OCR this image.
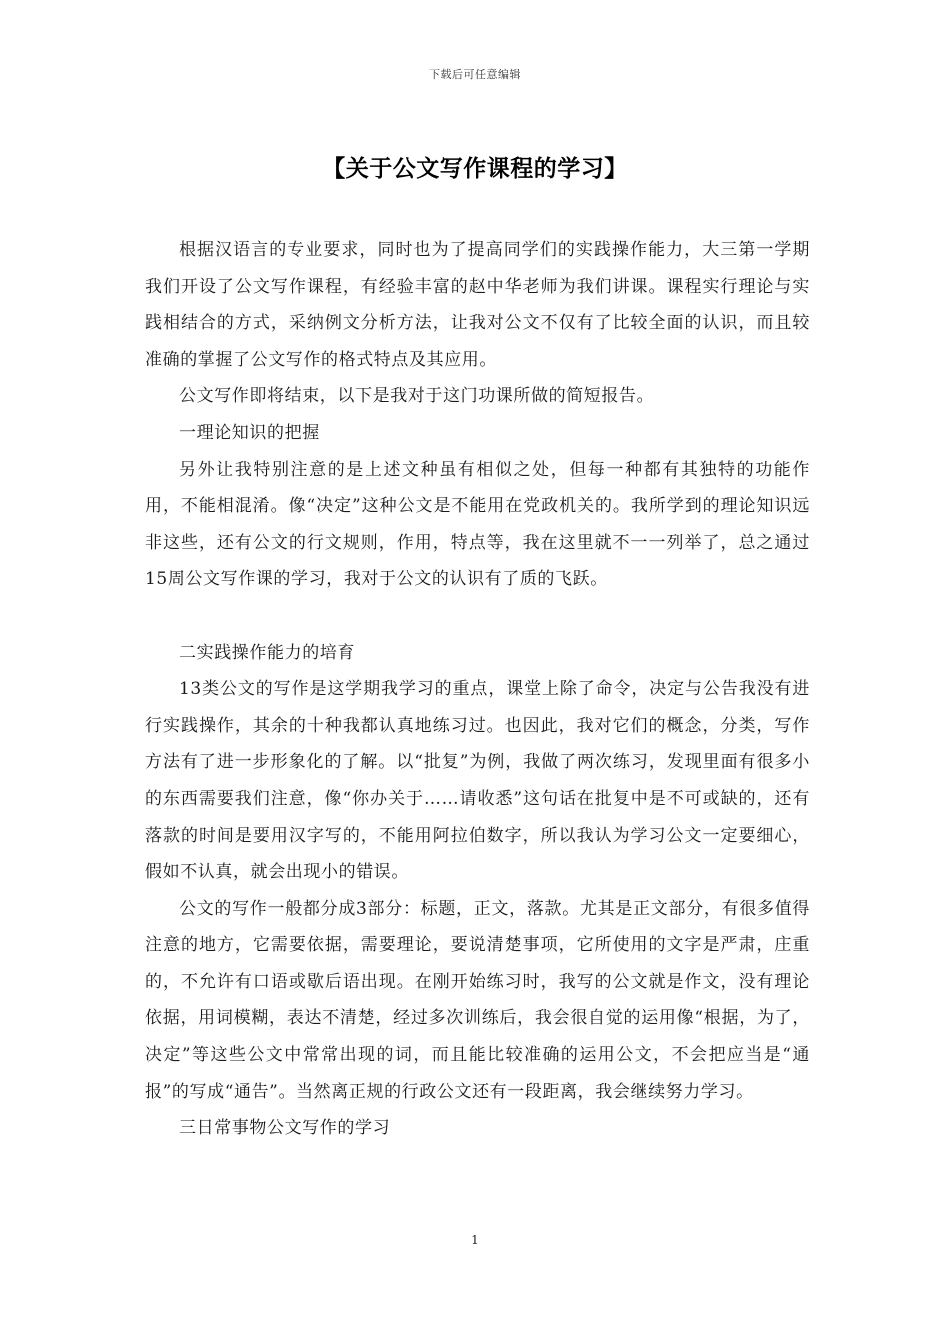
下载后可任意编辑
【关于公文写作课程的学习】

根据汉语言的专业要求，同时也为了提高同学们的实践操作能力，大三第一学期我们开设了公文写作课程，有经验丰富的赵中华老师为我们讲课。课程实行理论与实践相结合的方式，采纳例文分析方法，让我对公文不仅有了比较全面的认识，而且较准确的掌握了公文写作的格式特点及其应用。

公文写作即将结束，以下是我对于这门功课所做的简短报告。

一理论知识的把握

另外让我特别注意的是上述文种虽有相似之处，但每一种都有其独特的功能作用，不能相混淆。像“决定”这种公文是不能用在党政机关的。我所学到的理论知识远非这些，还有公文的行文规则，作用，特点等，我在这里就不一一列举了，总之通过15周公文写作课的学习，我对于公文的认识有了质的飞跃。

二实践操作能力的培育

13类公文的写作是这学期我学习的重点，课堂上除了命令，决定与公告我没有进行实践操作，其余的十种我都认真地练习过。也因此，我对它们的概念，分类，写作方法有了进一步形象化的了解。以“批复”为例，我做了两次练习，发现里面有很多小的东西需要我们注意，像“你办关于……请收悉”这句话在批复中是不可或缺的，还有落款的时间是要用汉字写的，不能用阿拉伯数字，所以我认为学习公文一定要细心，假如不认真，就会出现小的错误。

公文的写作一般都分成3部分：标题，正文，落款。尤其是正文部分，有很多值得注意的地方，它需要依据，需要理论，要说清楚事项，它所使用的文字是严肃，庄重的，不允许有口语或歇后语出现。在刚开始练习时，我写的公文就是作文，没有理论依据，用词模糊，表达不清楚，经过多次训练后，我会很自觉的运用像“根据，为了，决定”等这些公文中常常出现的词，而且能比较准确的运用公文，不会把应当是“通报”的写成“通告”。当然离正规的行政公文还有一段距离，我会继续努力学习。

三日常事物公文写作的学习

1
